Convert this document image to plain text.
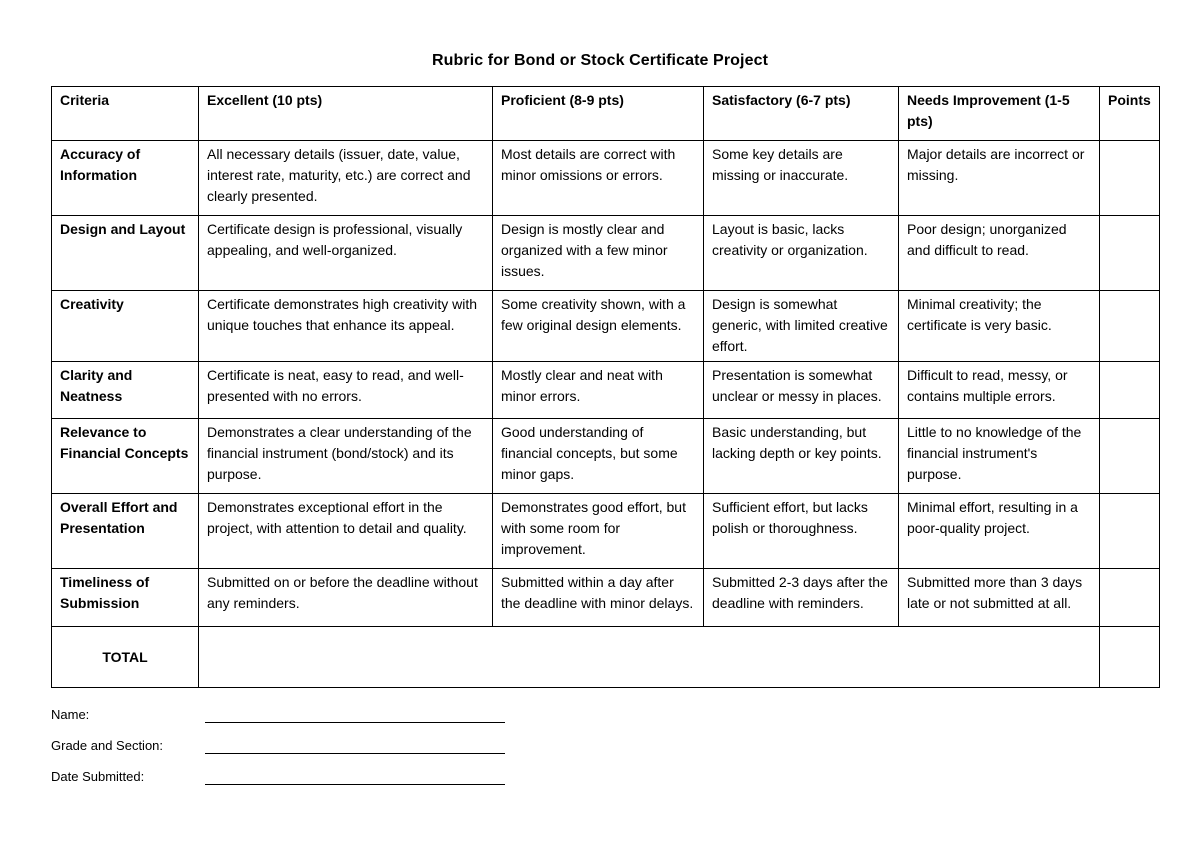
Rubric for Bond or Stock Certificate Project
Criteria	Excellent (10 pts)	Proficient (8-9 pts)	Satisfactory (6-7 pts)	Needs Improvement (1-5 pts)	Points
Accuracy of Information	All necessary details (issuer, date, value, interest rate, maturity, etc.) are correct and clearly presented.	Most details are correct with minor omissions or errors.	Some key details are missing or inaccurate.	Major details are incorrect or missing.	
Design and Layout	Certificate design is professional, visually appealing, and well-organized.	Design is mostly clear and organized with a few minor issues.	Layout is basic, lacks creativity or organization.	Poor design; unorganized and difficult to read.	
Creativity	Certificate demonstrates high creativity with unique touches that enhance its appeal.	Some creativity shown, with a few original design elements.	Design is somewhat generic, with limited creative effort.	Minimal creativity; the certificate is very basic.	
Clarity and Neatness	Certificate is neat, easy to read, and well-presented with no errors.	Mostly clear and neat with minor errors.	Presentation is somewhat unclear or messy in places.	Difficult to read, messy, or contains multiple errors.	
Relevance to Financial Concepts	Demonstrates a clear understanding of the financial instrument (bond/stock) and its purpose.	Good understanding of financial concepts, but some minor gaps.	Basic understanding, but lacking depth or key points.	Little to no knowledge of the financial instrument's purpose.	
Overall Effort and Presentation	Demonstrates exceptional effort in the project, with attention to detail and quality.	Demonstrates good effort, but with some room for improvement.	Sufficient effort, but lacks polish or thoroughness.	Minimal effort, resulting in a poor-quality project.	
Timeliness of Submission	Submitted on or before the deadline without any reminders.	Submitted within a day after the deadline with minor delays.	Submitted 2-3 days after the deadline with reminders.	Submitted more than 3 days late or not submitted at all.	
TOTAL					
Name:
Grade and Section:
Date Submitted:
